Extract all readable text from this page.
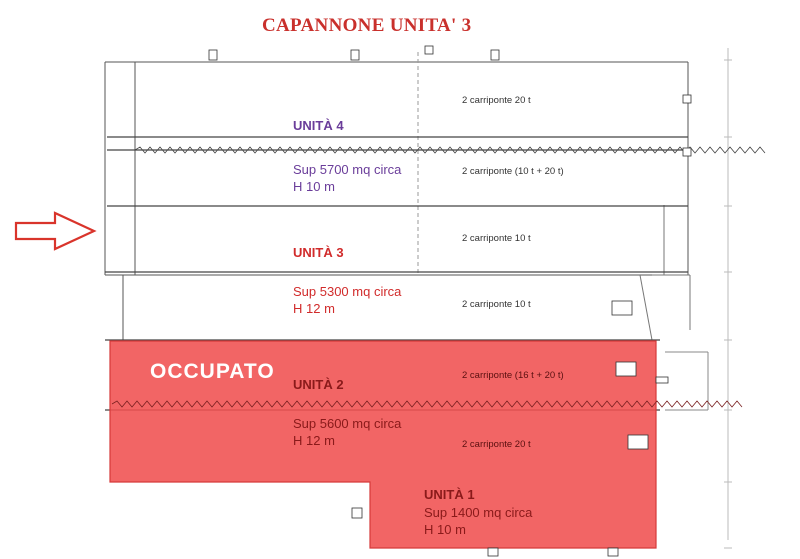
CAPANNONE UNITA' 3
UNITÀ 4
Sup 5700 mq circa
H 10 m
UNITÀ 3
Sup 5300 mq circa
H 12 m
OCCUPATO
UNITÀ 2
Sup 5600 mq circa
H 12 m
UNITÀ 1
Sup 1400 mq circa
H 10 m
2 carriponte 20 t
2 carriponte (10 t + 20 t)
2 carriponte 10 t
2 carriponte 10 t
2 carriponte (16 t + 20 t)
2 carriponte 20 t
